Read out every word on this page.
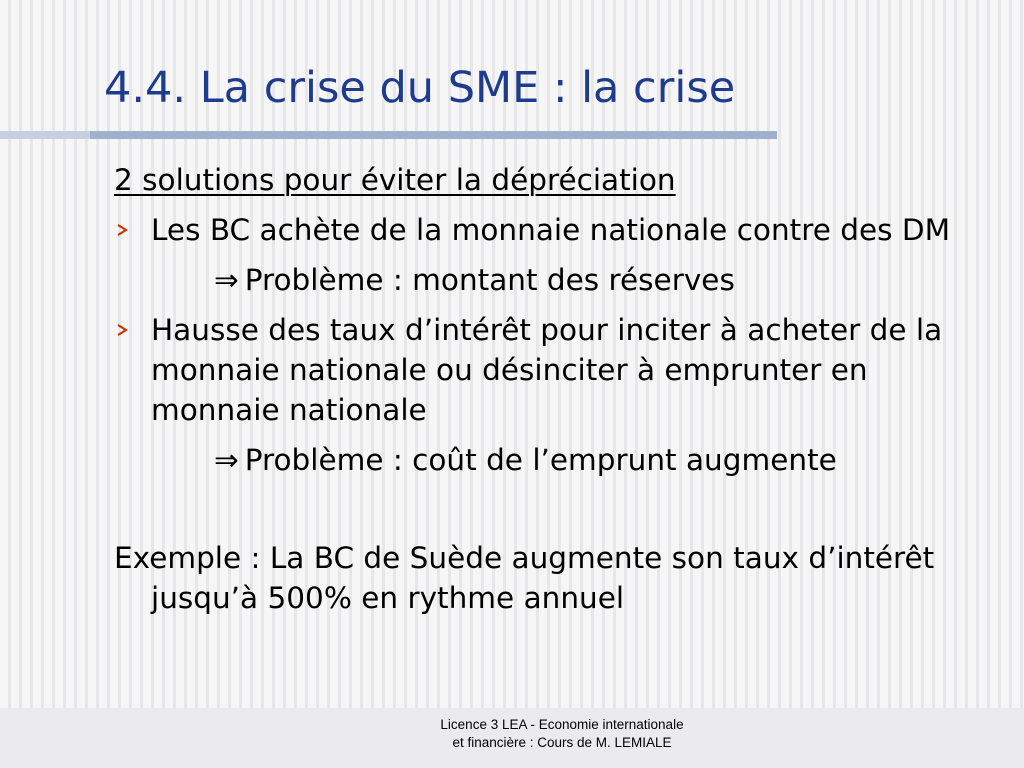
4.4. La crise du SME : la crise

2 solutions pour éviter la dépréciation

Les BC achète de la monnaie nationale contre des DM
⇒ Problème : montant des réserves
Hausse des taux d’intérêt pour inciter à acheter de la monnaie nationale ou désinciter à emprunter en monnaie nationale
⇒ Problème : coût de l’emprunt augmente

Exemple : La BC de Suède augmente son taux d’intérêt jusqu’à 500% en rythme annuel

Licence 3 LEA - Economie internationale
et financière : Cours de M. LEMIALE
